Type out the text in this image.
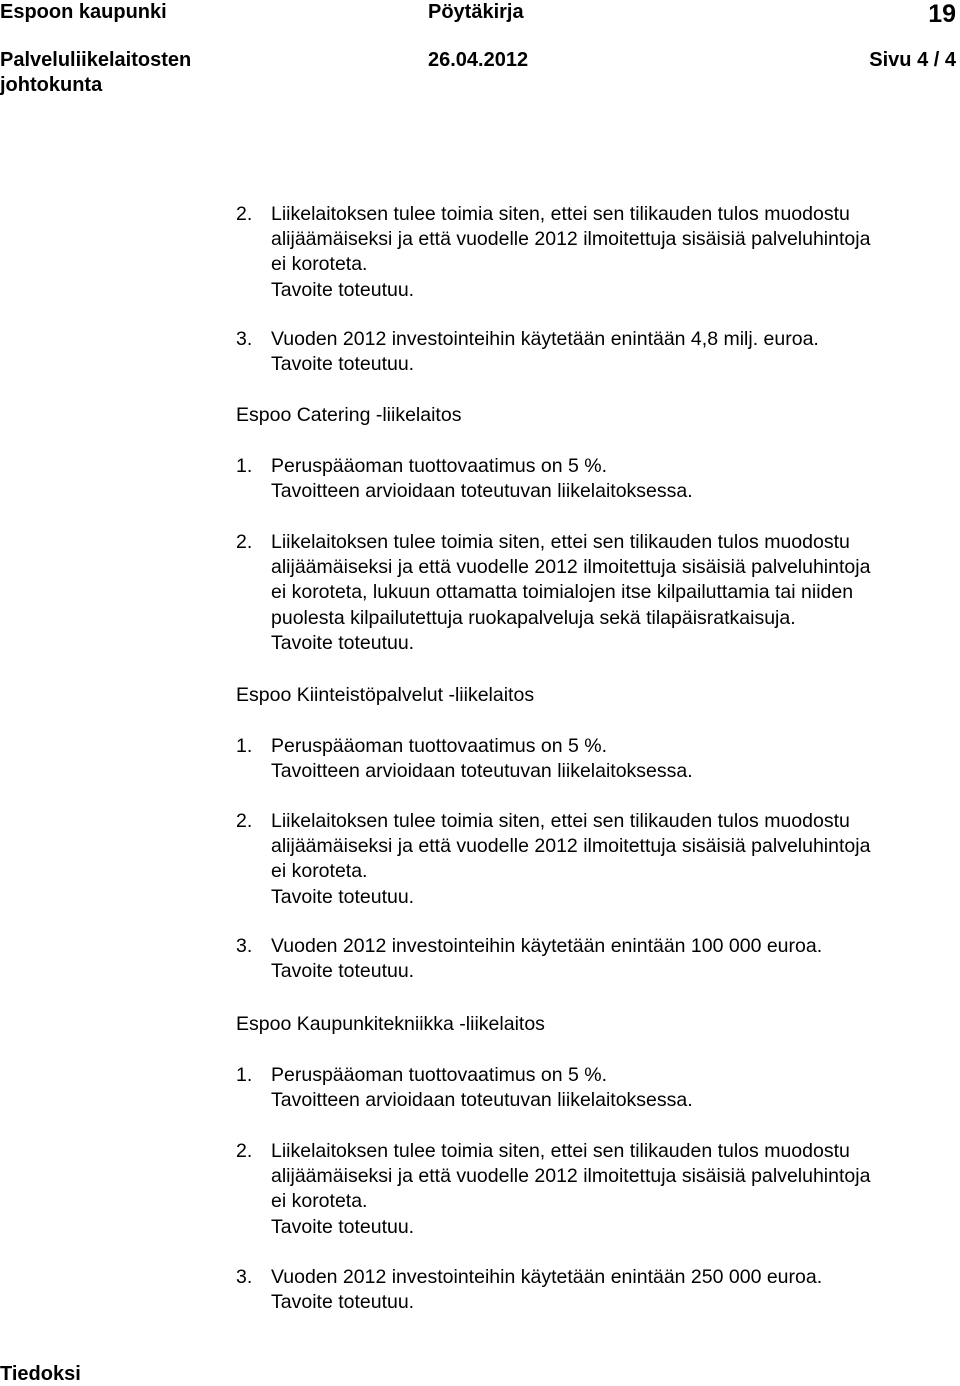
Espoon kaupunki	Pöytäkirja	19
Palveluliikelaitosten
johtokunta
26.04.2012	Sivu 4 / 4
2. Liikelaitoksen tulee toimia siten, ettei sen tilikauden tulos muodostu
alijäämäiseksi ja että vuodelle 2012 ilmoitettuja sisäisiä palveluhintoja
ei koroteta.
Tavoite toteutuu.
3. Vuoden 2012 investointeihin käytetään enintään 4,8 milj. euroa.
Tavoite toteutuu.
Espoo Catering -liikelaitos
1. Peruspääoman tuottovaatimus on 5 %.
Tavoitteen arvioidaan toteutuvan liikelaitoksessa.
2. Liikelaitoksen tulee toimia siten, ettei sen tilikauden tulos muodostu
alijäämäiseksi ja että vuodelle 2012 ilmoitettuja sisäisiä palveluhintoja
ei koroteta, lukuun ottamatta toimialojen itse kilpailuttamia tai niiden
puolesta kilpailutettuja ruokapalveluja sekä tilapäisratkaisuja.
Tavoite toteutuu.
Espoo Kiinteistöpalvelut -liikelaitos
1. Peruspääoman tuottovaatimus on 5 %.
Tavoitteen arvioidaan toteutuvan liikelaitoksessa.
2. Liikelaitoksen tulee toimia siten, ettei sen tilikauden tulos muodostu
alijäämäiseksi ja että vuodelle 2012 ilmoitettuja sisäisiä palveluhintoja
ei koroteta.
Tavoite toteutuu.
3. Vuoden 2012 investointeihin käytetään enintään 100 000 euroa.
Tavoite toteutuu.
Espoo Kaupunkitekniikka -liikelaitos
1. Peruspääoman tuottovaatimus on 5 %.
Tavoitteen arvioidaan toteutuvan liikelaitoksessa.
2. Liikelaitoksen tulee toimia siten, ettei sen tilikauden tulos muodostu
alijäämäiseksi ja että vuodelle 2012 ilmoitettuja sisäisiä palveluhintoja
ei koroteta.
Tavoite toteutuu.
3. Vuoden 2012 investointeihin käytetään enintään 250 000 euroa.
Tavoite toteutuu.
Tiedoksi
